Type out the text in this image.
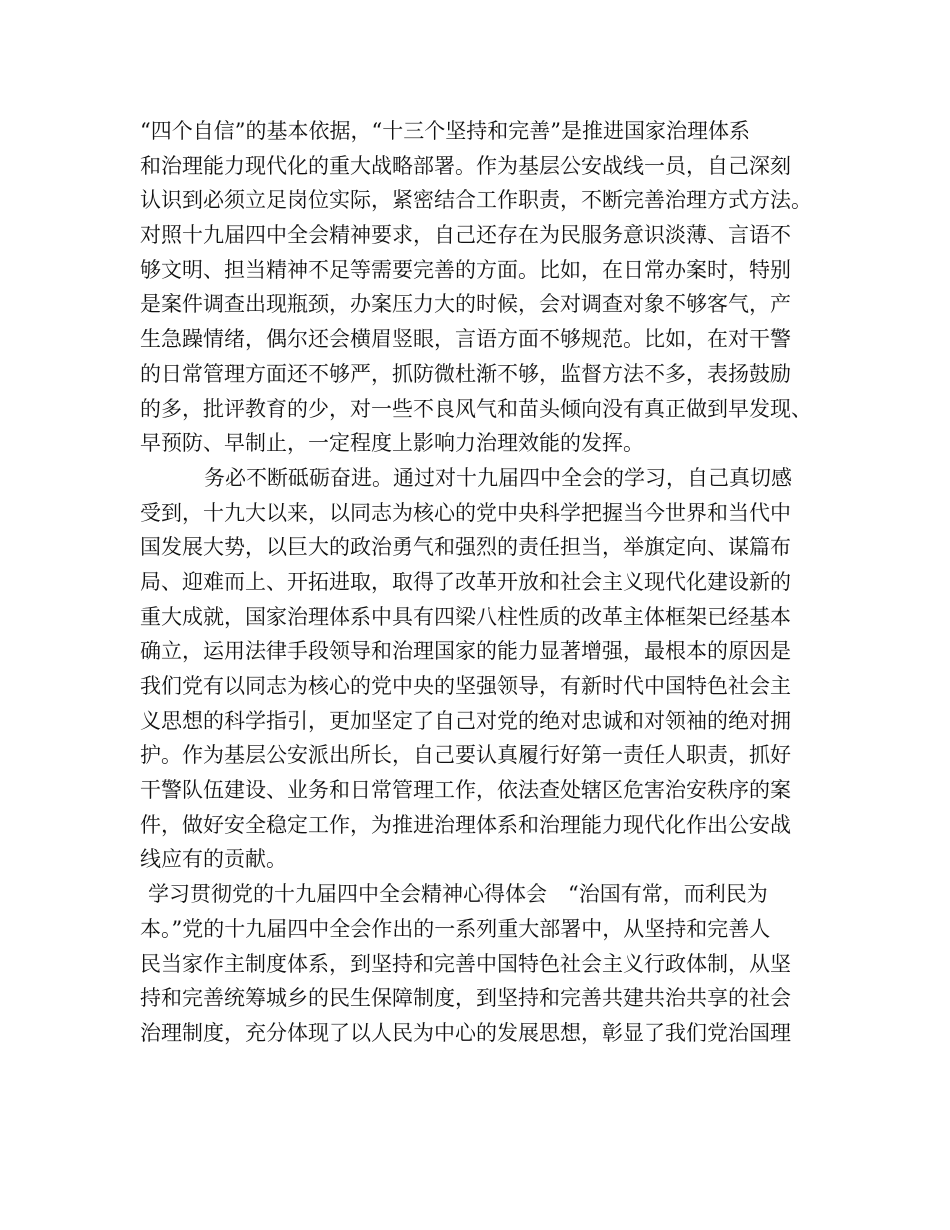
“四个自信”的基本依据，“十三个坚持和完善”是推进国家治理体系
和治理能力现代化的重大战略部署。作为基层公安战线一员，自己深刻
认识到必须立足岗位实际，紧密结合工作职责，不断完善治理方式方法。
对照十九届四中全会精神要求，自己还存在为民服务意识淡薄、言语不
够文明、担当精神不足等需要完善的方面。比如，在日常办案时，特别
是案件调查出现瓶颈，办案压力大的时候，会对调查对象不够客气，产
生急躁情绪，偶尔还会横眉竖眼，言语方面不够规范。比如，在对干警
的日常管理方面还不够严，抓防微杜渐不够，监督方法不多，表扬鼓励
的多，批评教育的少，对一些不良风气和苗头倾向没有真正做到早发现、
早预防、早制止，一定程度上影响力治理效能的发挥。
务必不断砥砺奋进。通过对十九届四中全会的学习，自己真切感
受到，十九大以来，以同志为核心的党中央科学把握当今世界和当代中
国发展大势，以巨大的政治勇气和强烈的责任担当，举旗定向、谋篇布
局、迎难而上、开拓进取，取得了改革开放和社会主义现代化建设新的
重大成就，国家治理体系中具有四梁八柱性质的改革主体框架已经基本
确立，运用法律手段领导和治理国家的能力显著增强，最根本的原因是
我们党有以同志为核心的党中央的坚强领导，有新时代中国特色社会主
义思想的科学指引，更加坚定了自己对党的绝对忠诚和对领袖的绝对拥
护。作为基层公安派出所长，自己要认真履行好第一责任人职责，抓好
干警队伍建设、业务和日常管理工作，依法查处辖区危害治安秩序的案
件，做好安全稳定工作，为推进治理体系和治理能力现代化作出公安战
线应有的贡献。
学习贯彻党的十九届四中全会精神心得体会　“治国有常，而利民为
本。”党的十九届四中全会作出的一系列重大部署中，从坚持和完善人
民当家作主制度体系，到坚持和完善中国特色社会主义行政体制，从坚
持和完善统筹城乡的民生保障制度，到坚持和完善共建共治共享的社会
治理制度，充分体现了以人民为中心的发展思想，彰显了我们党治国理
